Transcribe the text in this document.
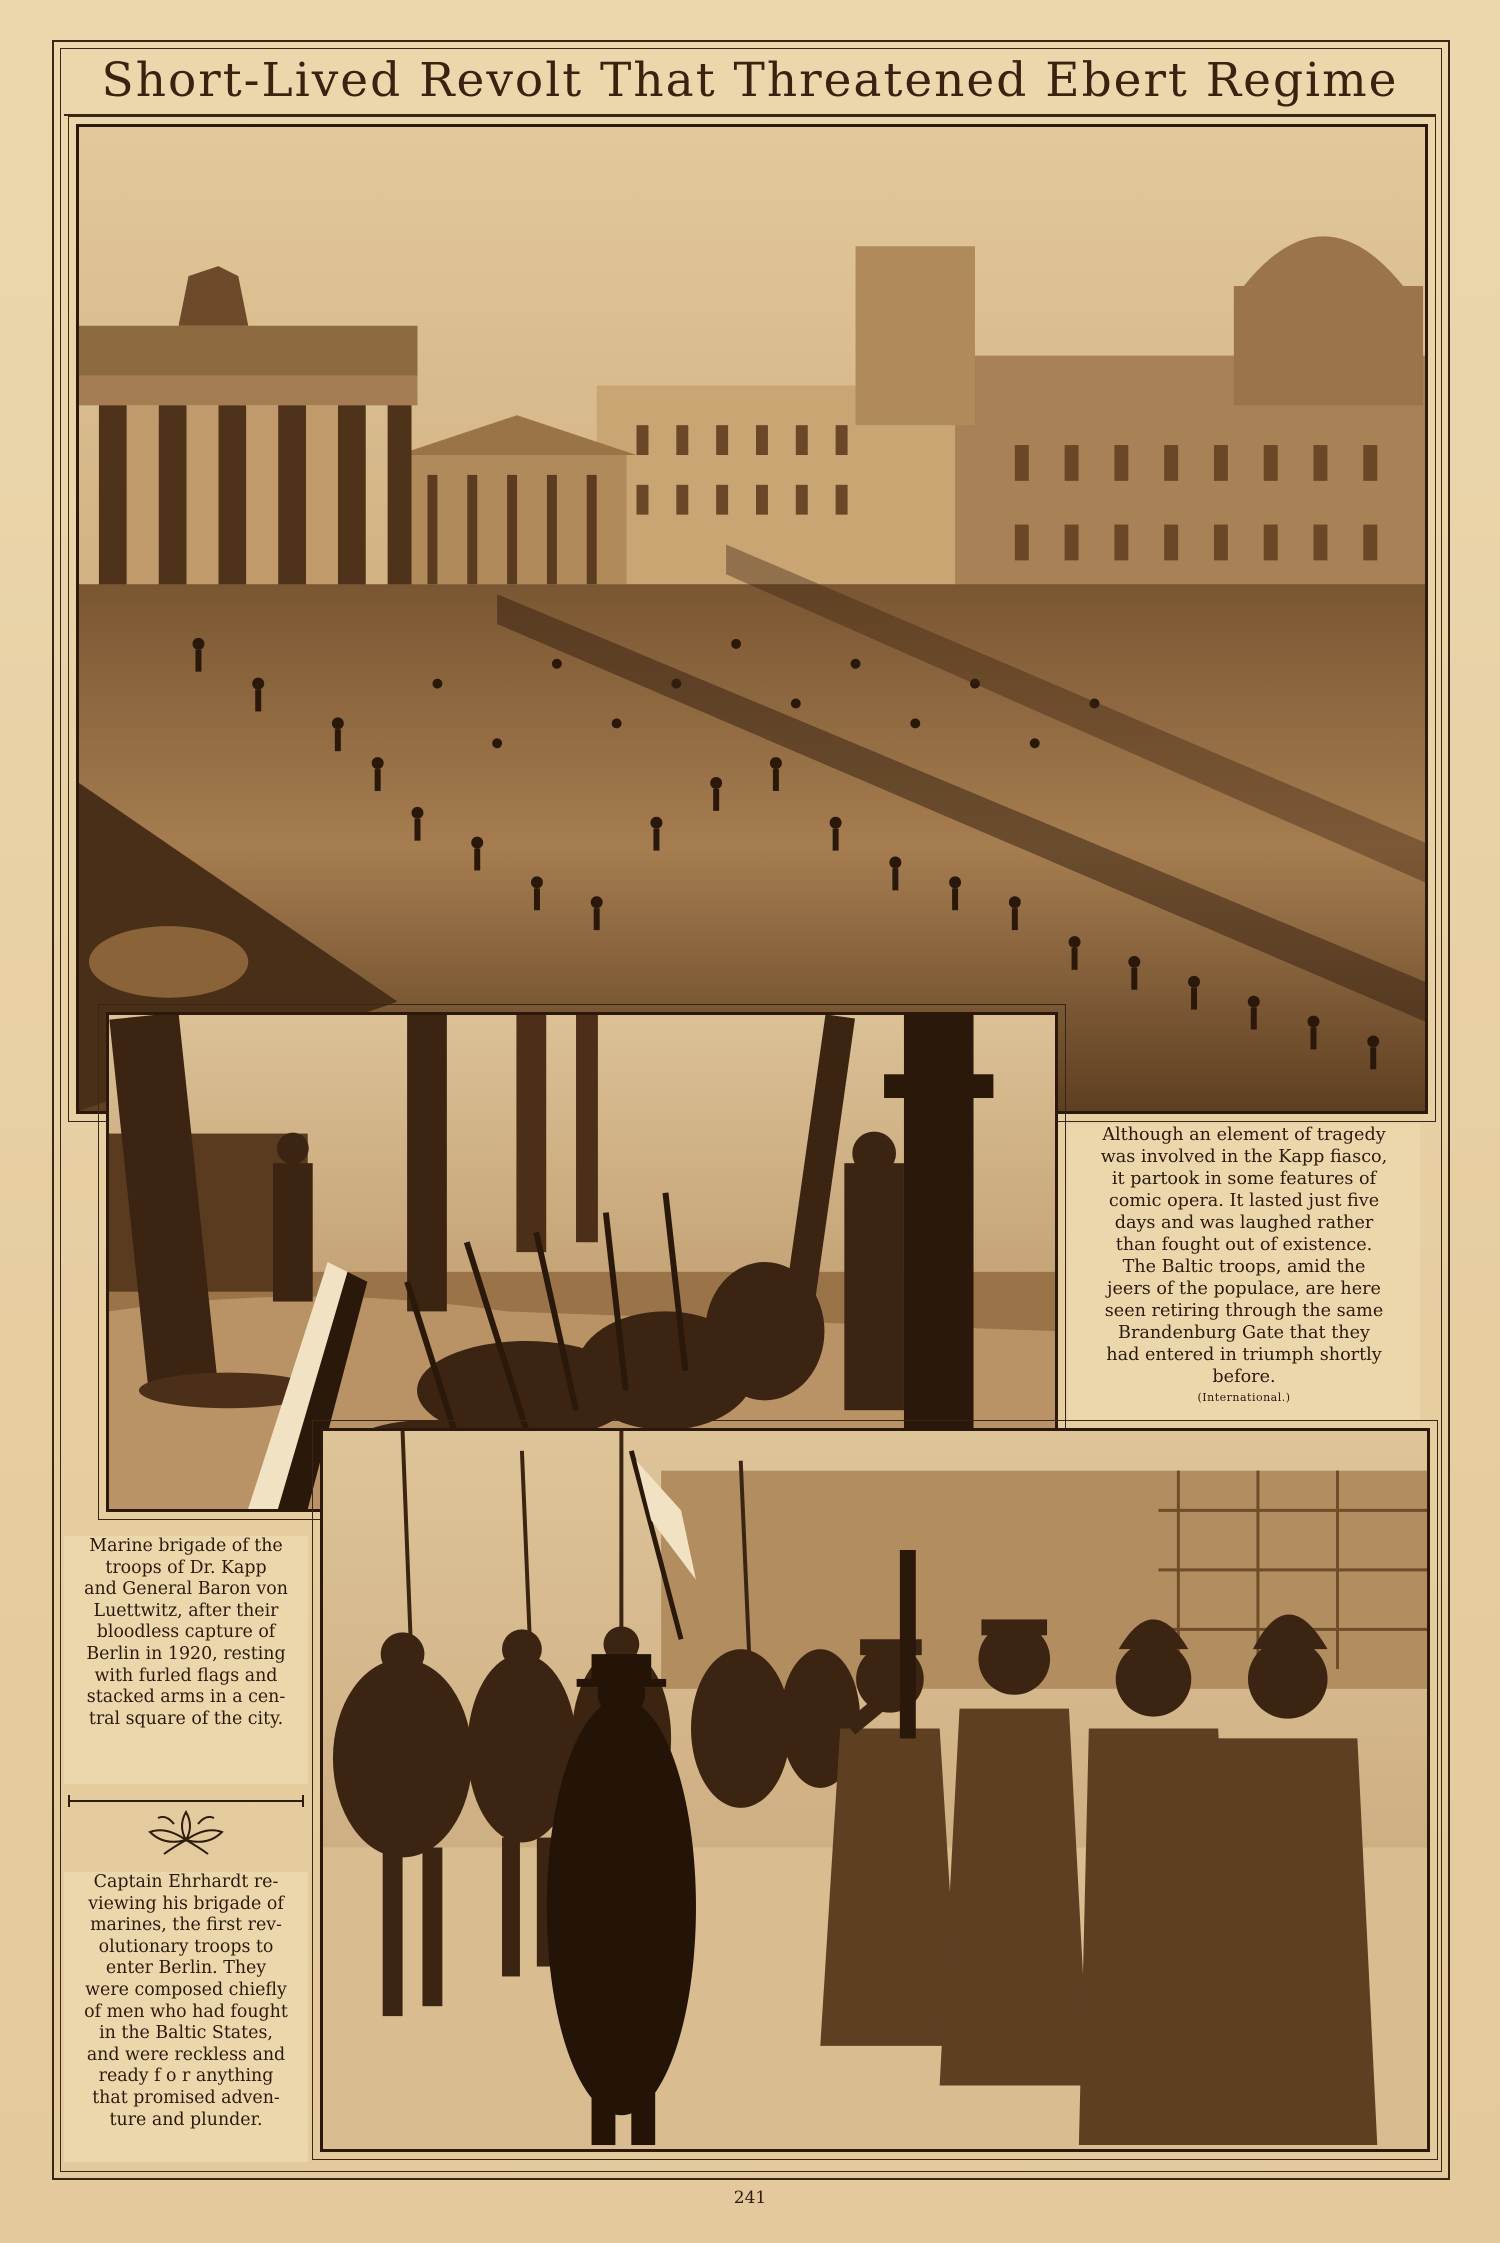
Short-Lived Revolt That Threatened Ebert Regime

Although an element of tragedy
was involved in the Kapp fiasco,
it partook in some features of
comic opera. It lasted just five
days and was laughed rather
than fought out of existence.
The Baltic troops, amid the
jeers of the populace, are here
seen retiring through the same
Brandenburg Gate that they
had entered in triumph shortly
before.

(International.)

Marine brigade of the
troops of Dr. Kapp
and General Baron von
Luettwitz, after their
bloodless capture of
Berlin in 1920, resting
with furled flags and
stacked arms in a cen-
tral square of the city.

Captain Ehrhardt re-
viewing his brigade of
marines, the first rev-
olutionary troops to
enter Berlin. They
were composed chiefly
of men who had fought
in the Baltic States,
and were reckless and
ready f o r anything
that promised adven-
ture and plunder.

241
